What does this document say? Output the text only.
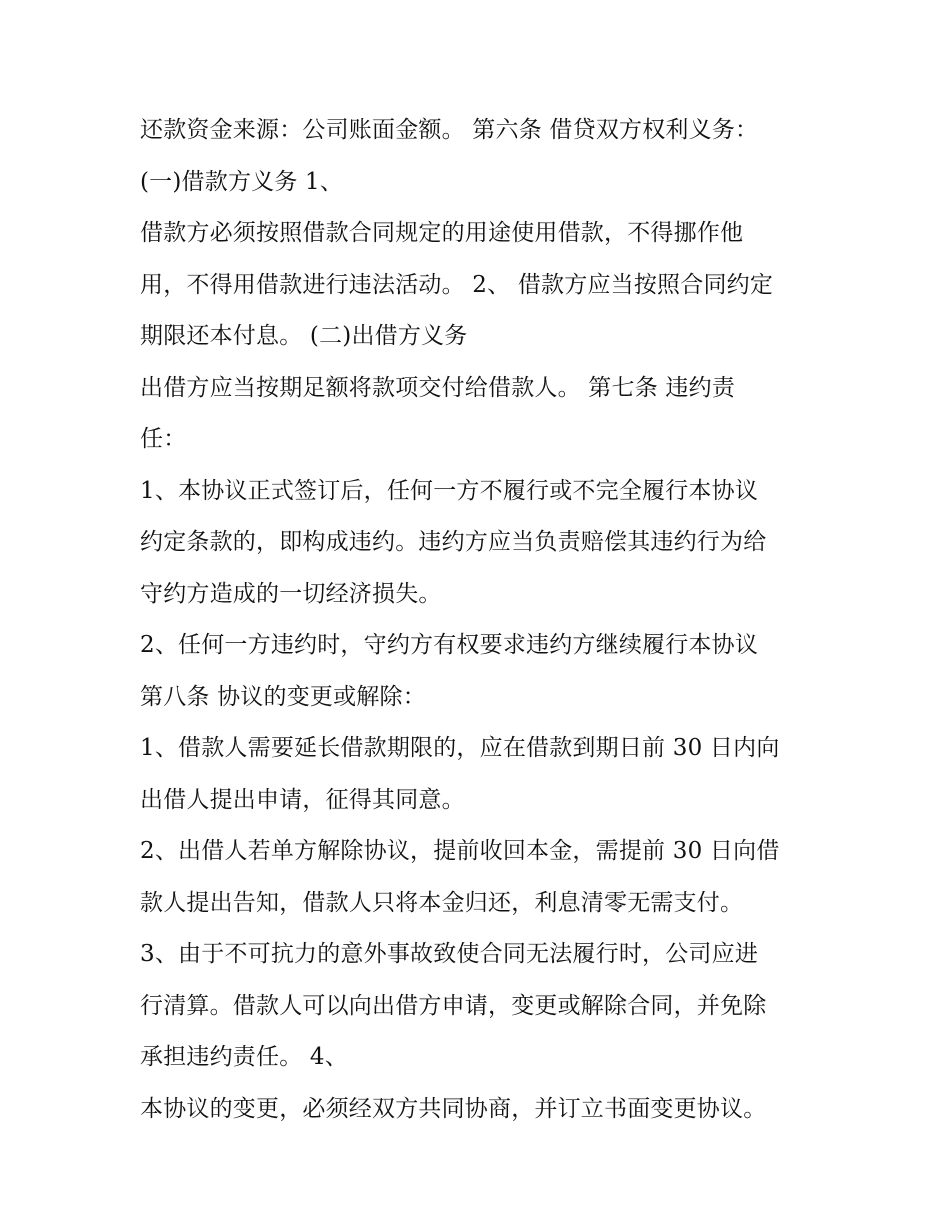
还款资金来源：公司账面金额。 第六条 借贷双方权利义务：
(一)借款方义务 1、
借款方必须按照借款合同规定的用途使用借款，不得挪作他
用，不得用借款进行违法活动。 2、 借款方应当按照合同约定
期限还本付息。 (二)出借方义务
出借方应当按期足额将款项交付给借款人。 第七条 违约责
任：
1、本协议正式签订后，任何一方不履行或不完全履行本协议
约定条款的，即构成违约。违约方应当负责赔偿其违约行为给
守约方造成的一切经济损失。
2、任何一方违约时，守约方有权要求违约方继续履行本协议
第八条 协议的变更或解除：
1、借款人需要延长借款期限的，应在借款到期日前 30 日内向
出借人提出申请，征得其同意。
2、出借人若单方解除协议，提前收回本金，需提前 30 日向借
款人提出告知，借款人只将本金归还，利息清零无需支付。
3、由于不可抗力的意外事故致使合同无法履行时，公司应进
行清算。借款人可以向出借方申请，变更或解除合同，并免除
承担违约责任。 4、
本协议的变更，必须经双方共同协商，并订立书面变更协议。
